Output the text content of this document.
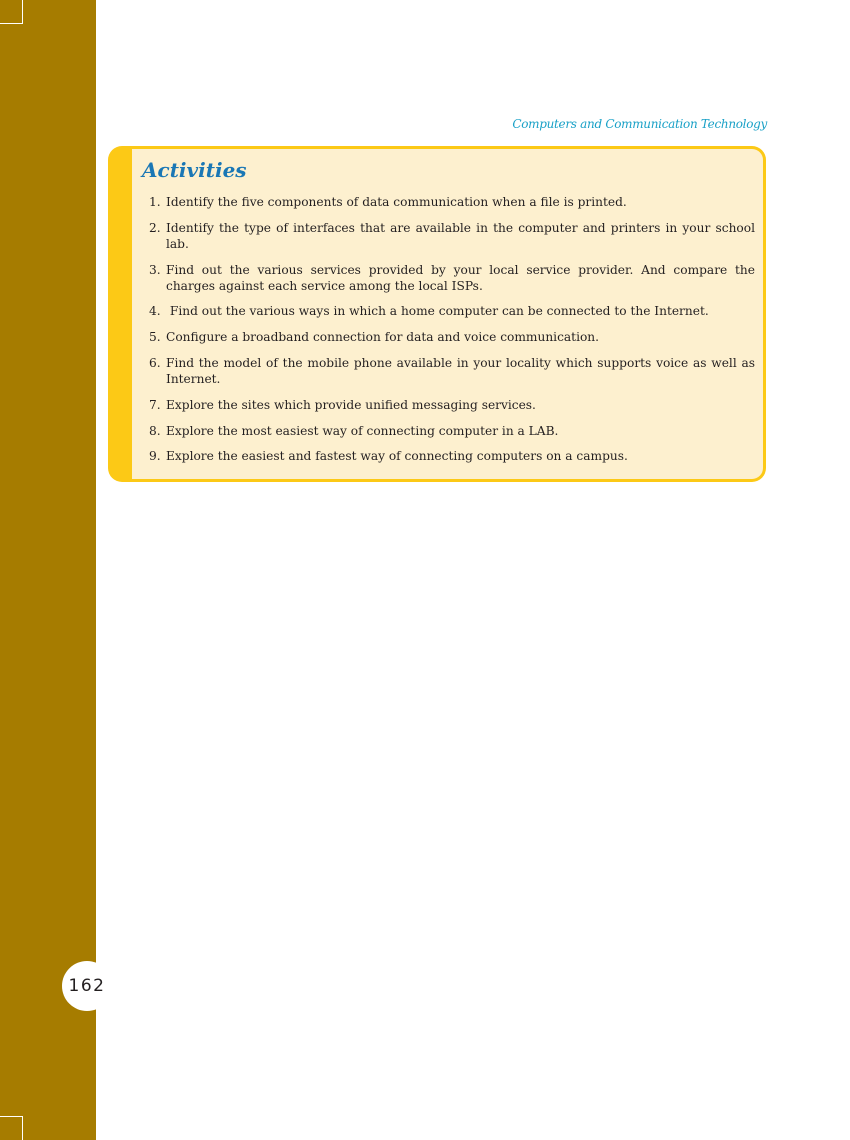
Computers and Communication Technology
Activities
1. Identify the five components of data communication when a file is printed.
2. Identify the type of interfaces that are available in the computer and printers in your school lab.
3. Find out the various services provided by your local service provider. And compare the charges against each service among the local ISPs.
4. Find out the various ways in which a home computer can be connected to the Internet.
5. Configure a broadband connection for data and voice communication.
6. Find the model of the mobile phone available in your locality which supports voice as well as Internet.
7. Explore the sites which provide unified messaging services.
8. Explore the most easiest way of connecting computer in a LAB.
9. Explore the easiest and fastest way of connecting computers on a campus.
162
